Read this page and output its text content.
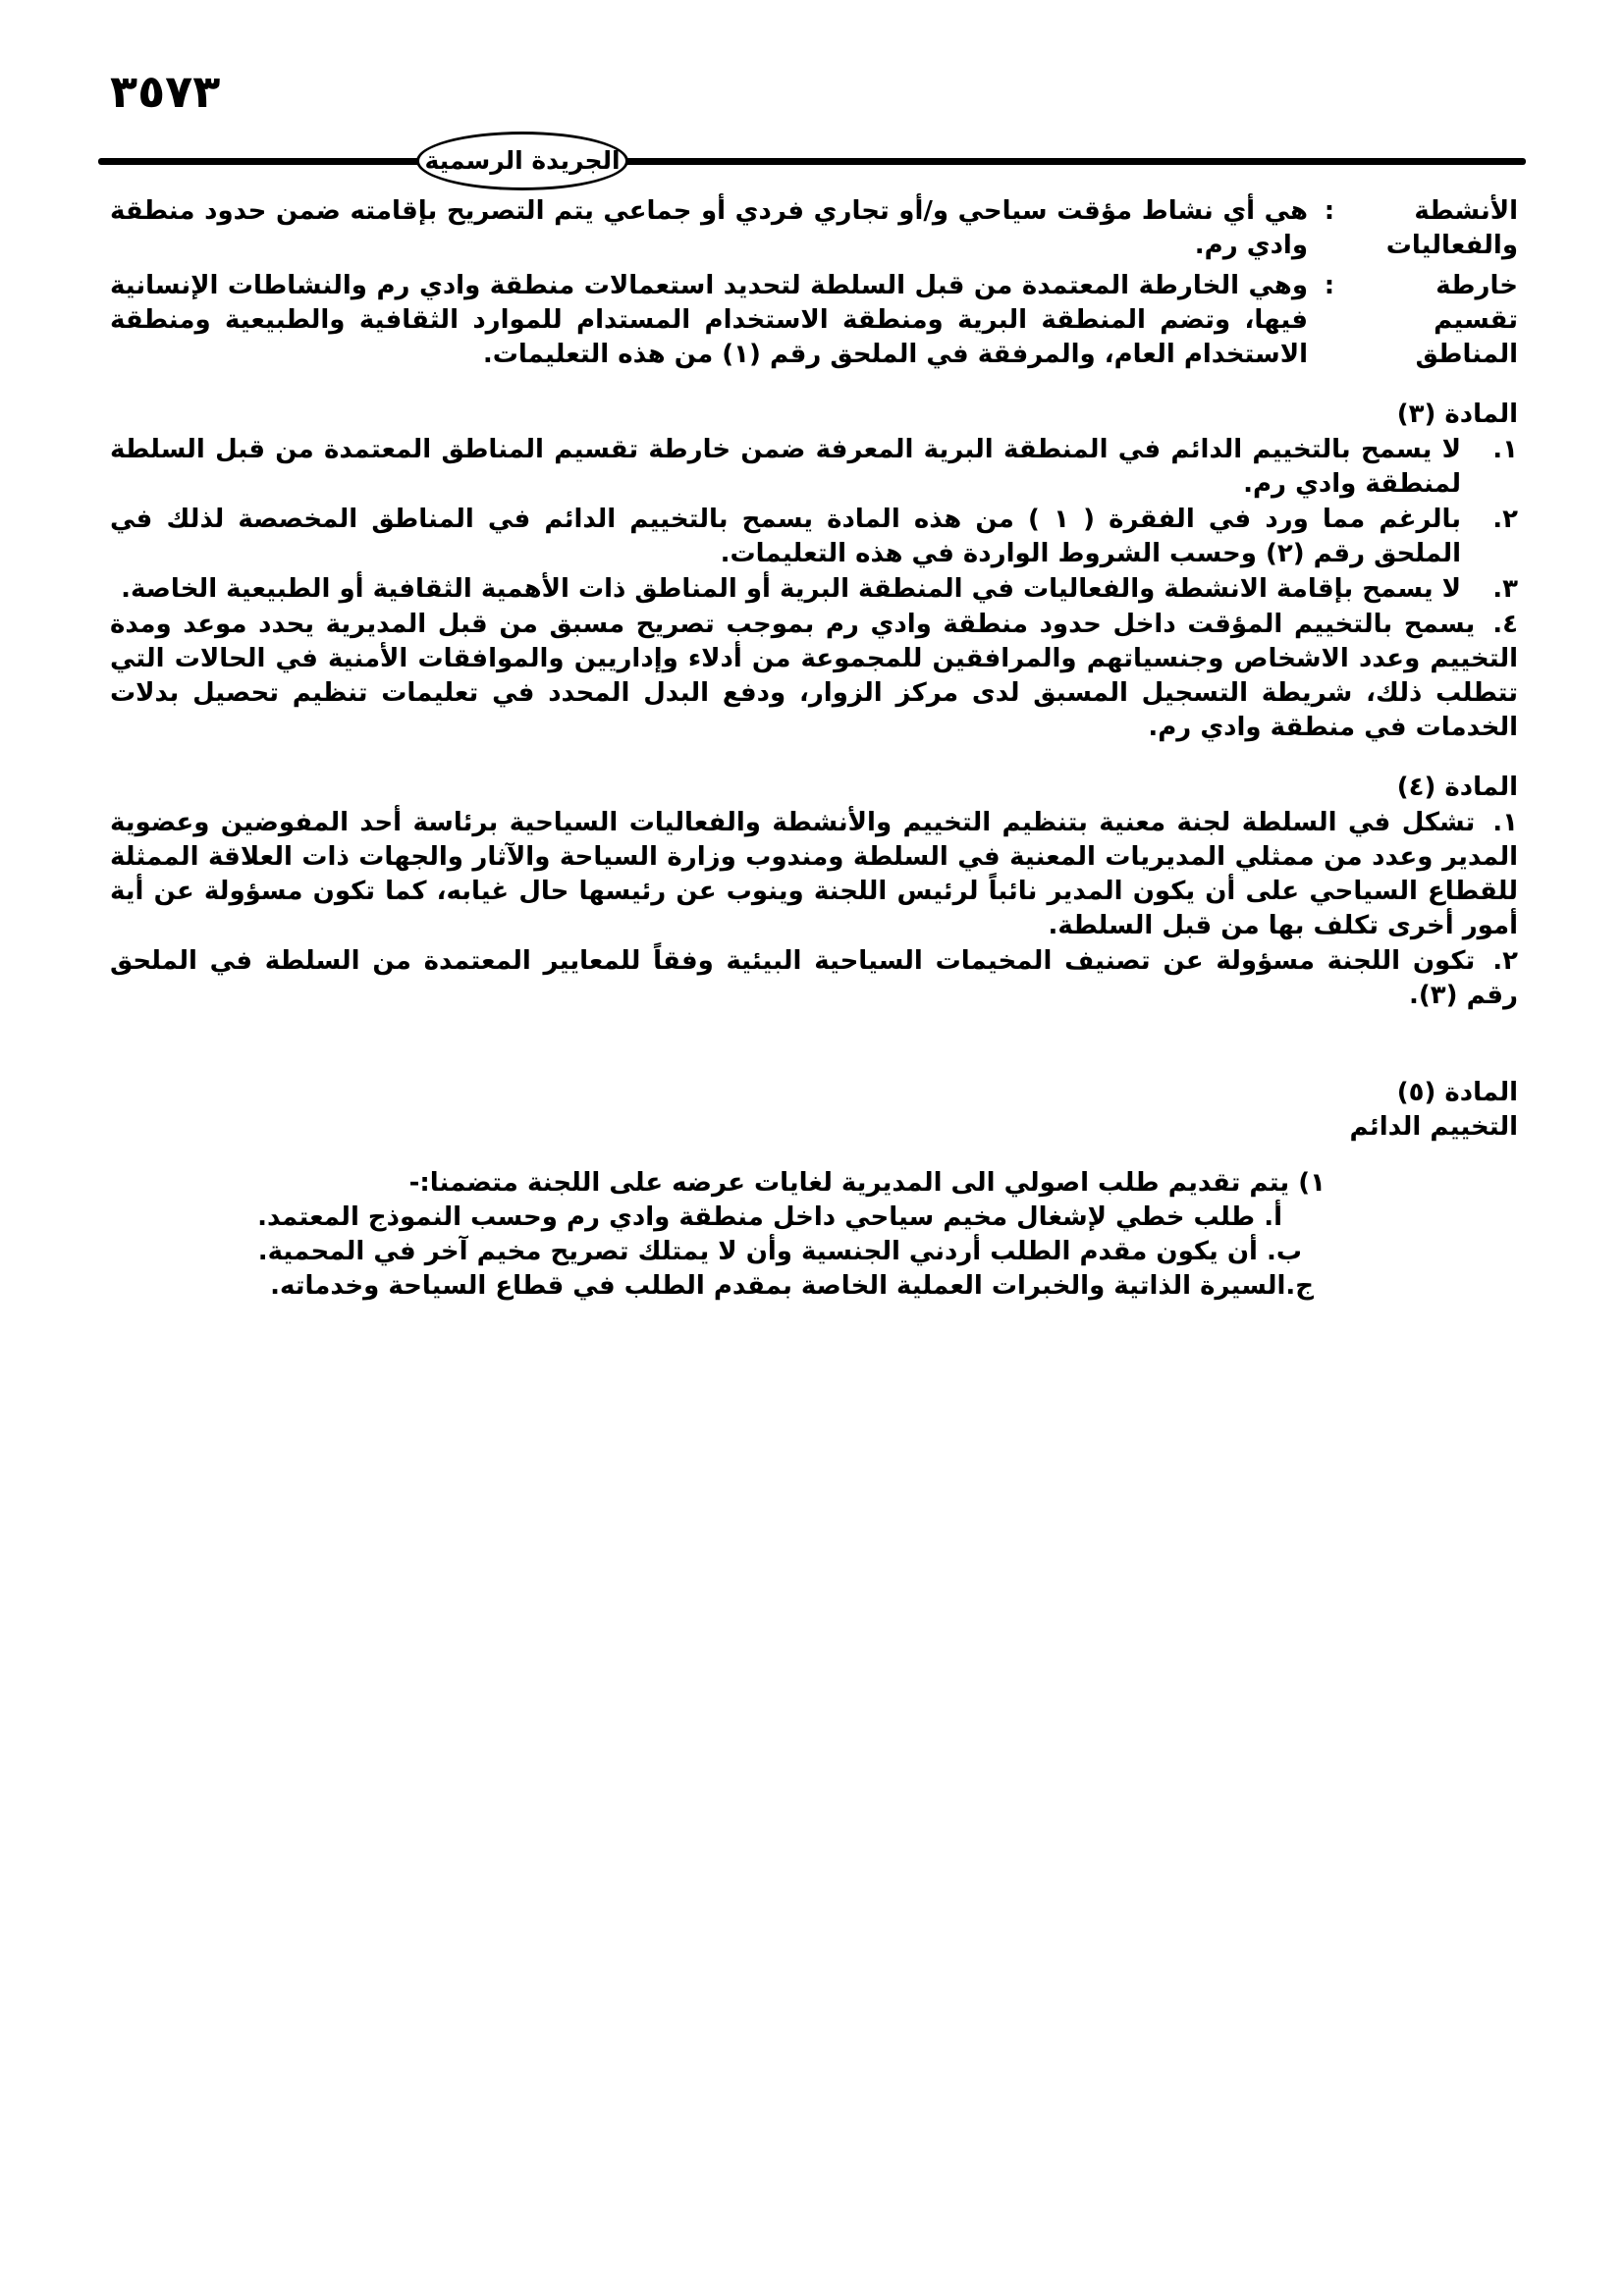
٣٥٧٣
الجريدة الرسمية
الأنشطة والفعاليات
:
هي أي نشاط مؤقت سياحي و/أو تجاري فردي أو جماعي يتم التصريح بإقامته ضمن حدود منطقة وادي رم.
خارطة تقسيم المناطق
:
وهي الخارطة المعتمدة من قبل السلطة لتحديد استعمالات منطقة وادي رم والنشاطات الإنسانية فيها، وتضم المنطقة البرية ومنطقة الاستخدام المستدام للموارد الثقافية والطبيعية ومنطقة الاستخدام العام، والمرفقة في الملحق رقم (١) من هذه التعليمات.
المادة (٣)
١.
لا يسمح بالتخييم الدائم في المنطقة البرية المعرفة ضمن خارطة تقسيم المناطق المعتمدة من قبل السلطة لمنطقة وادي رم.
٢.
بالرغم مما ورد في الفقرة ( ١ ) من هذه المادة يسمح بالتخييم الدائم في المناطق المخصصة لذلك في الملحق رقم (٢) وحسب الشروط الواردة في هذه التعليمات.
٣.
لا يسمح بإقامة الانشطة والفعاليات في المنطقة البرية أو المناطق ذات الأهمية الثقافية أو الطبيعية الخاصة.
٤.يسمح بالتخييم المؤقت داخل حدود منطقة وادي رم بموجب تصريح مسبق من قبل المديرية يحدد موعد ومدة التخييم وعدد الاشخاص وجنسياتهم والمرافقين للمجموعة من أدلاء وإداريين والموافقات الأمنية في الحالات التي تتطلب ذلك، شريطة التسجيل المسبق لدى مركز الزوار، ودفع البدل المحدد في تعليمات تنظيم تحصيل بدلات الخدمات في منطقة وادي رم.
المادة (٤)
١.تشكل في السلطة لجنة معنية بتنظيم التخييم والأنشطة والفعاليات السياحية برئاسة أحد المفوضين وعضوية المدير وعدد من ممثلي المديريات المعنية في السلطة ومندوب وزارة السياحة والآثار والجهات ذات العلاقة الممثلة للقطاع السياحي على أن يكون المدير نائباً لرئيس اللجنة وينوب عن رئيسها حال غيابه، كما تكون مسؤولة عن أية أمور أخرى تكلف بها من قبل السلطة.
٢.تكون اللجنة مسؤولة عن تصنيف المخيمات السياحية البيئية وفقاً للمعايير المعتمدة من السلطة في الملحق رقم (٣).
المادة (٥)
التخييم الدائم
١) يتم تقديم طلب اصولي الى المديرية لغايات عرضه على اللجنة متضمنا:-
أ. طلب خطي لإشغال مخيم سياحي داخل منطقة وادي رم وحسب النموذج المعتمد.
ب. أن يكون مقدم الطلب أردني الجنسية وأن لا يمتلك تصريح مخيم آخر في المحمية.
ج.السيرة الذاتية والخبرات العملية الخاصة بمقدم الطلب في قطاع السياحة وخدماته.
